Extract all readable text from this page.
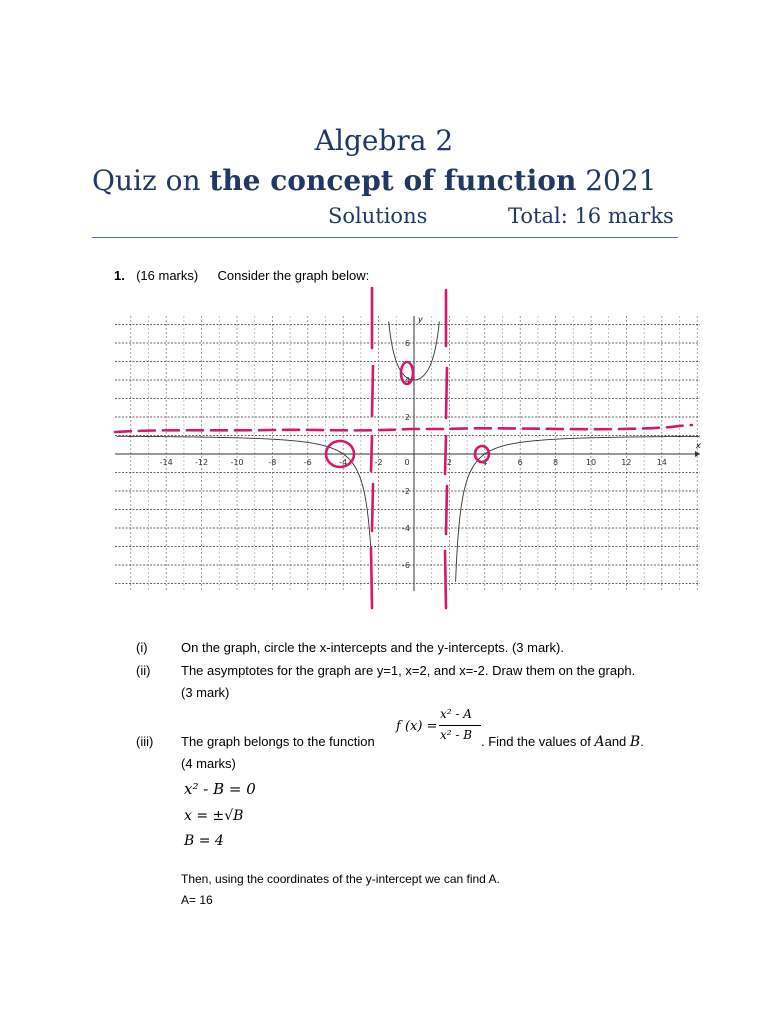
Algebra 2
Quiz on the concept of function 2021
Solutions	Total: 16 marks
1. (16 marks) Consider the graph below:
x
y
-14	-12	-10	-8	-6	-4	-2	0	2	4	6	8	10	12	14
6
4
2
-2
-4
-6
(i)	On the graph, circle the x-intercepts and the y-intercepts. (3 mark).
(ii) The asymptotes for the graph are y=1, x=2, and x=-2. Draw them on the graph.
(3 mark)
(iii) The graph belongs to the function
f (x) =
x² - A
x² - B . Find the values of Aand B.
(4 marks)
x² - B = 0
x = ±√B
B = 4
Then, using the coordinates of the y-intercept we can find A.
A= 16
